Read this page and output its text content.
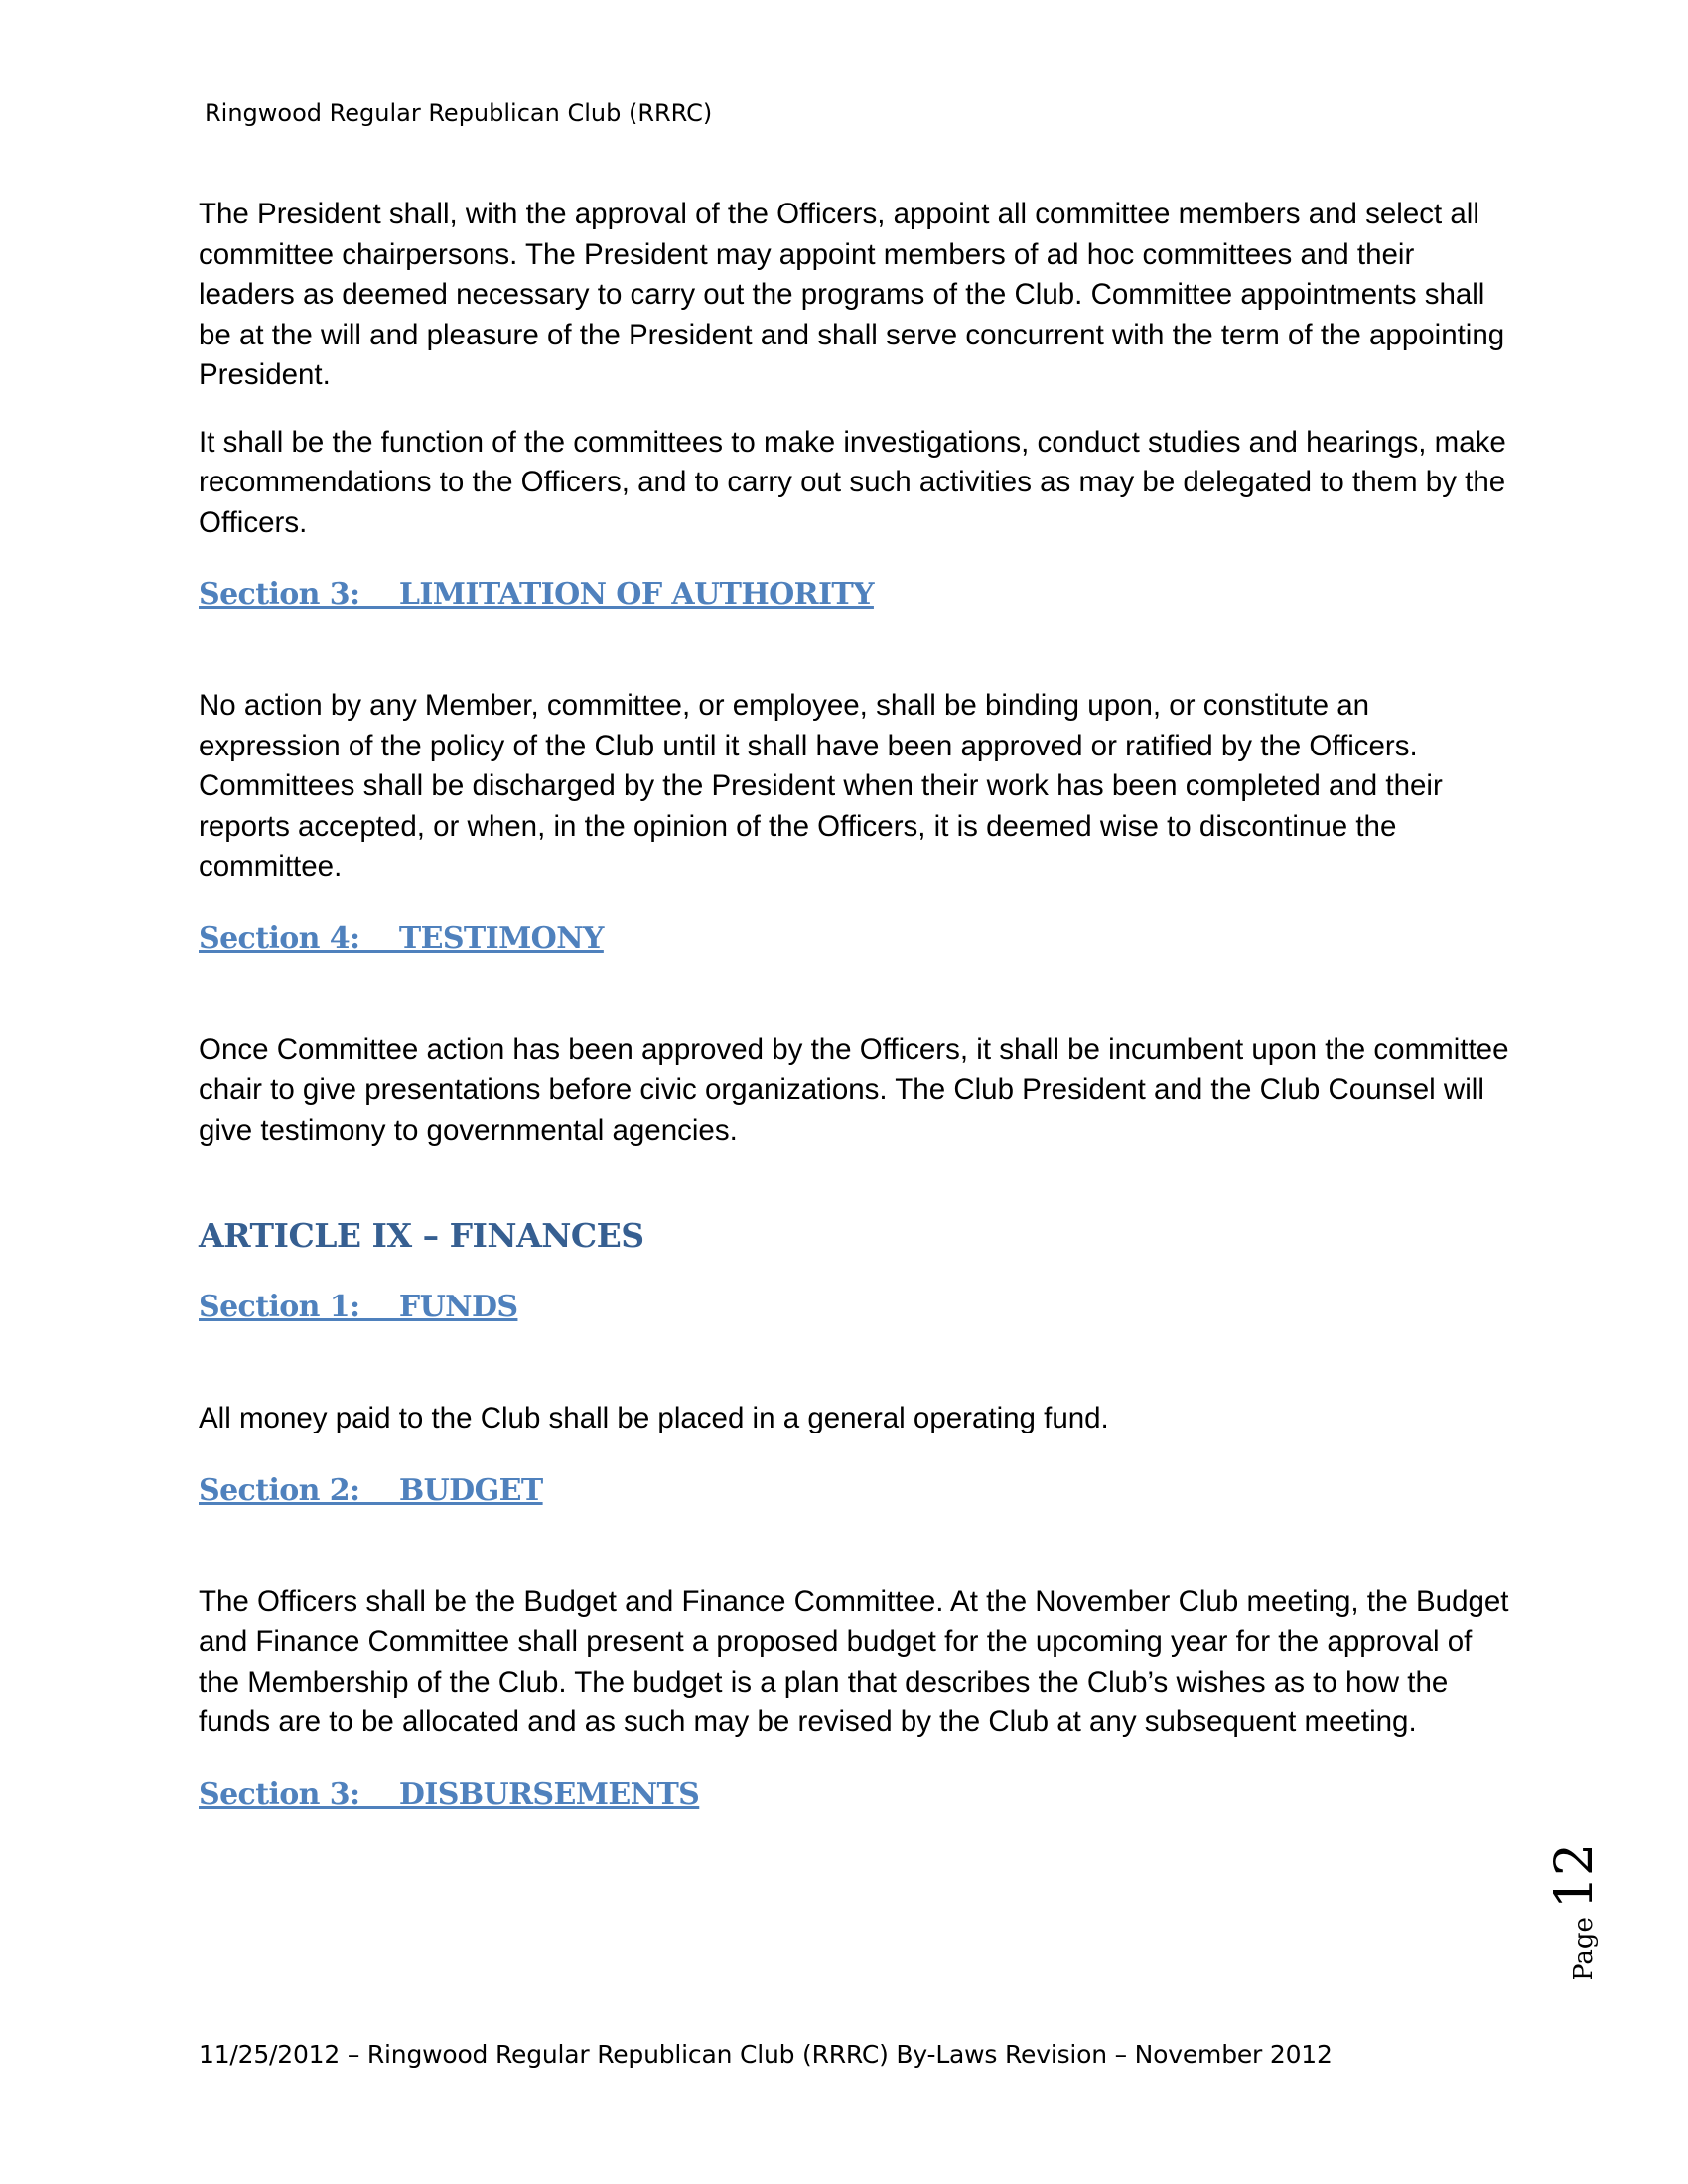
Ringwood Regular Republican Club (RRRC)

The President shall, with the approval of the Officers, appoint all committee members and select all committee chairpersons. The President may appoint members of ad hoc committees and their leaders as deemed necessary to carry out the programs of the Club. Committee appointments shall be at the will and pleasure of the President and shall serve concurrent with the term of the appointing President.

It shall be the function of the committees to make investigations, conduct studies and hearings, make recommendations to the Officers, and to carry out such activities as may be delegated to them by the Officers.

Section 3:    LIMITATION OF AUTHORITY

No action by any Member, committee, or employee, shall be binding upon, or constitute an expression of the policy of the Club until it shall have been approved or ratified by the Officers. Committees shall be discharged by the President when their work has been completed and their reports accepted, or when, in the opinion of the Officers, it is deemed wise to discontinue the committee.

Section 4:    TESTIMONY

Once Committee action has been approved by the Officers, it shall be incumbent upon the committee chair to give presentations before civic organizations. The Club President and the Club Counsel will give testimony to governmental agencies.

ARTICLE IX – FINANCES
Section 1:    FUNDS

All money paid to the Club shall be placed in a general operating fund.

Section 2:    BUDGET

The Officers shall be the Budget and Finance Committee. At the November Club meeting, the Budget and Finance Committee shall present a proposed budget for the upcoming year for the approval of the Membership of the Club. The budget is a plan that describes the Club’s wishes as to how the funds are to be allocated and as such may be revised by the Club at any subsequent meeting.

Section 3:    DISBURSEMENTS
Page
12
11/25/2012 – Ringwood Regular Republican Club (RRRC) By-Laws Revision – November 2012
